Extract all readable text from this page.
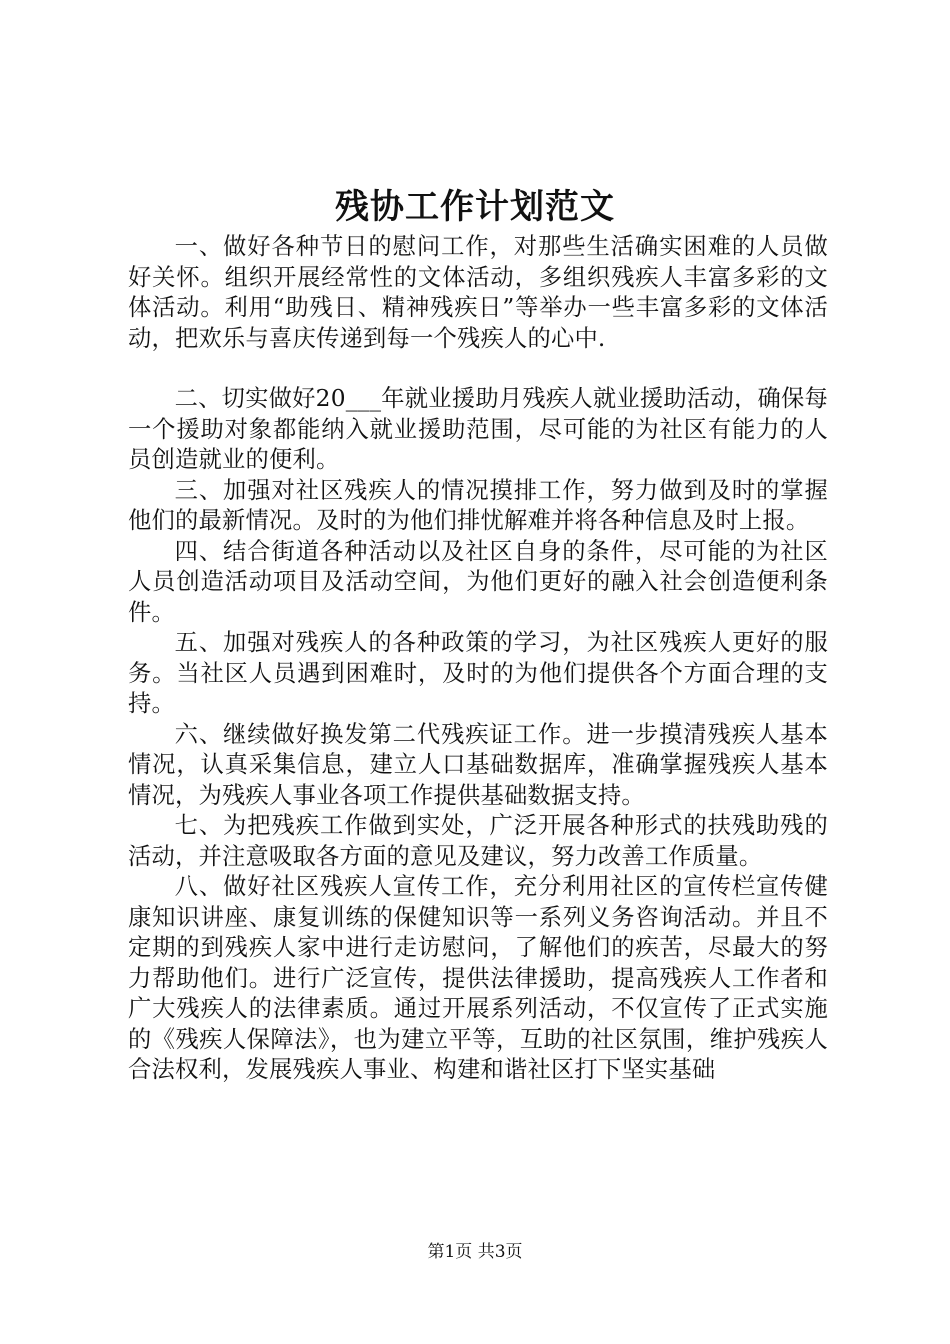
残协工作计划范文

一、做好各种节日的慰问工作，对那些生活确实困难的人员做好关怀。组织开展经常性的文体活动，多组织残疾人丰富多彩的文体活动。利用“助残日、精神残疾日”等举办一些丰富多彩的文体活动，把欢乐与喜庆传递到每一个残疾人的心中.

二、切实做好20___年就业援助月残疾人就业援助活动，确保每一个援助对象都能纳入就业援助范围，尽可能的为社区有能力的人员创造就业的便利。

三、加强对社区残疾人的情况摸排工作，努力做到及时的掌握他们的最新情况。及时的为他们排忧解难并将各种信息及时上报。

四、结合街道各种活动以及社区自身的条件，尽可能的为社区人员创造活动项目及活动空间，为他们更好的融入社会创造便利条件。

五、加强对残疾人的各种政策的学习，为社区残疾人更好的服务。当社区人员遇到困难时，及时的为他们提供各个方面合理的支持。

六、继续做好换发第二代残疾证工作。进一步摸清残疾人基本情况，认真采集信息，建立人口基础数据库，准确掌握残疾人基本情况，为残疾人事业各项工作提供基础数据支持。

七、为把残疾工作做到实处，广泛开展各种形式的扶残助残的活动，并注意吸取各方面的意见及建议，努力改善工作质量。

八、做好社区残疾人宣传工作，充分利用社区的宣传栏宣传健康知识讲座、康复训练的保健知识等一系列义务咨询活动。并且不定期的到残疾人家中进行走访慰问，了解他们的疾苦，尽最大的努力帮助他们。进行广泛宣传，提供法律援助，提高残疾人工作者和广大残疾人的法律素质。通过开展系列活动，不仅宣传了正式实施的《残疾人保障法》，也为建立平等，互助的社区氛围，维护残疾人合法权利，发展残疾人事业、构建和谐社区打下坚实基础

第1页 共3页
